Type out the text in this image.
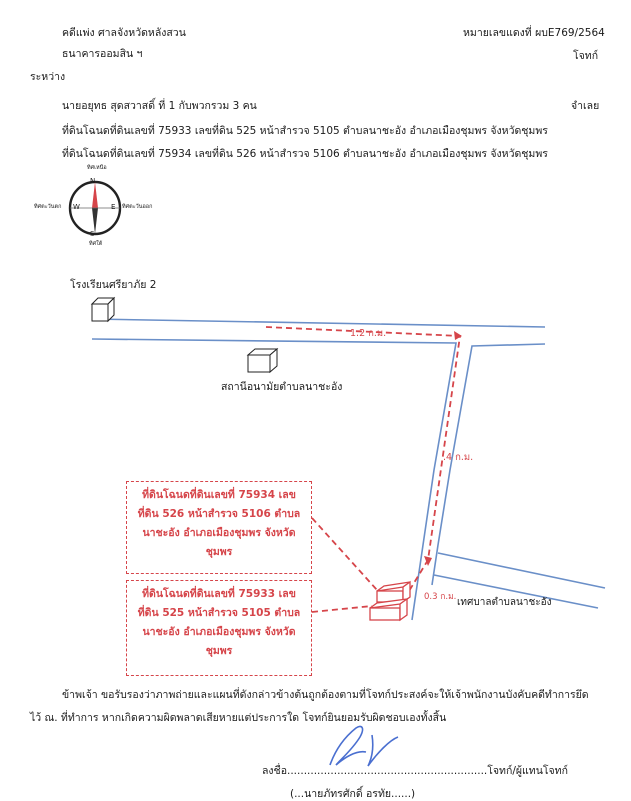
คดีแพ่ง ศาลจังหวัดหลังสวน	หมายเลขแดงที่ ผบE769/2564
ธนาคารออมสิน ฯ	โจทก์
ระหว่าง
นายอยุทธ สุดสวาสดิ์ ที่ 1 กับพวกรวม 3 คน	จำเลย
ที่ดินโฉนดที่ดินเลขที่ 75933 เลขที่ดิน 525 หน้าสำรวจ 5105 ตำบลนาชะอัง อำเภอเมืองชุมพร จังหวัดชุมพร
ที่ดินโฉนดที่ดินเลขที่ 75934 เลขที่ดิน 526 หน้าสำรวจ 5106 ตำบลนาชะอัง อำเภอเมืองชุมพร จังหวัดชุมพร
ทิศเหนือ
N
S
ทิศใต้
W	E
ทิศตะวันตก	ทิศตะวันออก
โรงเรียนศรียาภัย 2
สถานีอนามัยตำบลนาชะอัง
เทศบาลตำบลนาชะอัง
1.2 ก.ม.
.4 ก.ม.
0.3 ก.ม.
ที่ดินโฉนดที่ดินเลขที่ 75934 เลขที่ดิน 526 หน้าสำรวจ 5106 ตำบลนาชะอัง อำเภอเมืองชุมพร จังหวัดชุมพร
ที่ดินโฉนดที่ดินเลขที่ 75933 เลขที่ดิน 525 หน้าสำรวจ 5105 ตำบลนาชะอัง อำเภอเมืองชุมพร จังหวัดชุมพร
ข้าพเจ้า ขอรับรองว่าภาพถ่ายและแผนที่ดังกล่าวข้างต้นถูกต้องตามที่โจทก์ประสงค์จะให้เจ้าพนักงานบังคับคดีทำการยึด
ไว้ ณ. ที่ทำการ หากเกิดความผิดพลาดเสียหายแต่ประการใด โจทก์ยินยอมรับผิดชอบเองทั้งสิ้น
ลงชื่อ............................................................โจทก์/ผู้แทนโจทก์
(...นายภัทรศักดิ์ อรทัย......)
